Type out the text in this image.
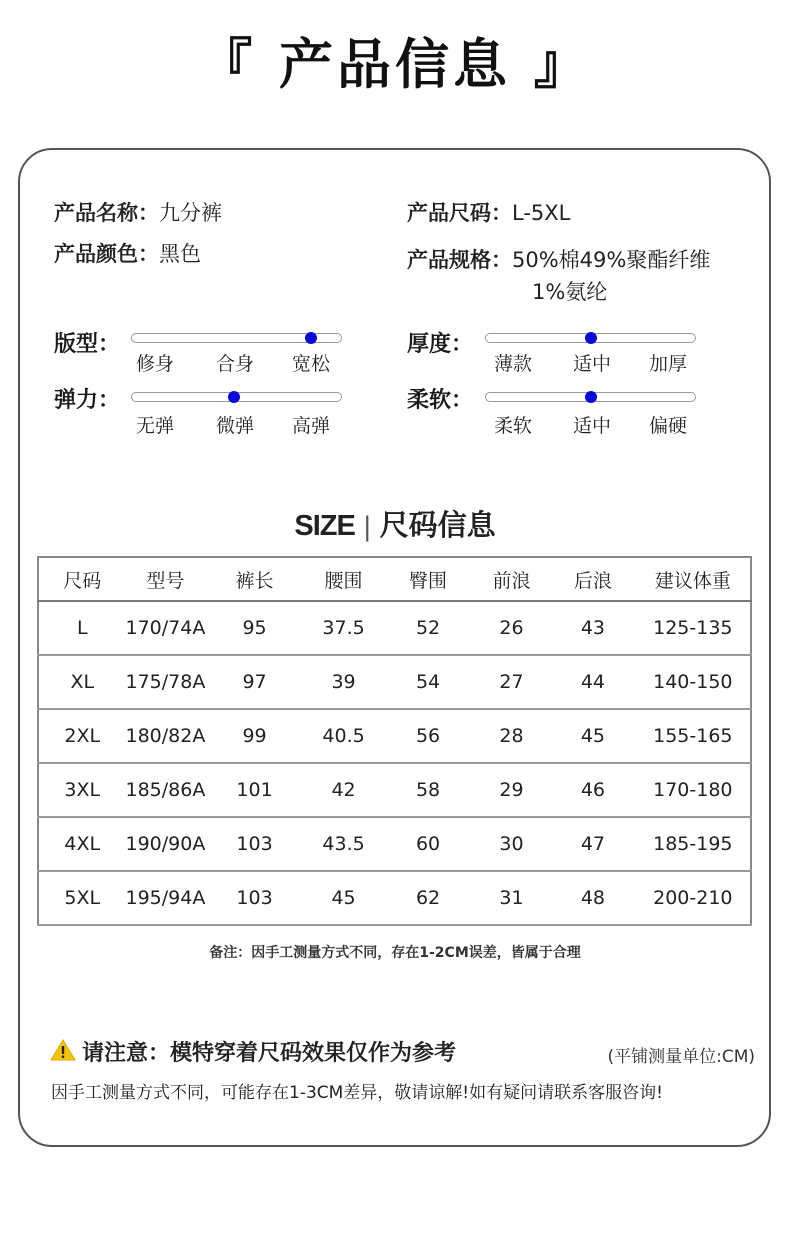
『 产品信息 』
产品名称：九分裤
产品颜色：黑色
产品尺码：L-5XL
产品规格：50%棉49%聚酯纤维
1%氨纶
版型：
修身	合身	宽松
厚度：
薄款	适中	加厚
弹力：
无弹	微弹	高弹
柔软：
柔软	适中	偏硬
SIZE | 尺码信息
尺码	型号	裤长	腰围	臀围	前浪	后浪	建议体重
L	170/74A	95	37.5	52	26	43	125-135
XL	175/78A	97	39	54	27	44	140-150
2XL	180/82A	99	40.5	56	28	45	155-165
3XL	185/86A	101	42	58	29	46	170-180
4XL	190/90A	103	43.5	60	30	47	185-195
5XL	195/94A	103	45	62	31	48	200-210
备注：因手工测量方式不同，存在1-2CM误差，皆属于合理
请注意：模特穿着尺码效果仅作为参考	(平铺测量单位:CM)
因手工测量方式不同，可能存在1-3CM差异，敬请谅解!如有疑问请联系客服咨询!
